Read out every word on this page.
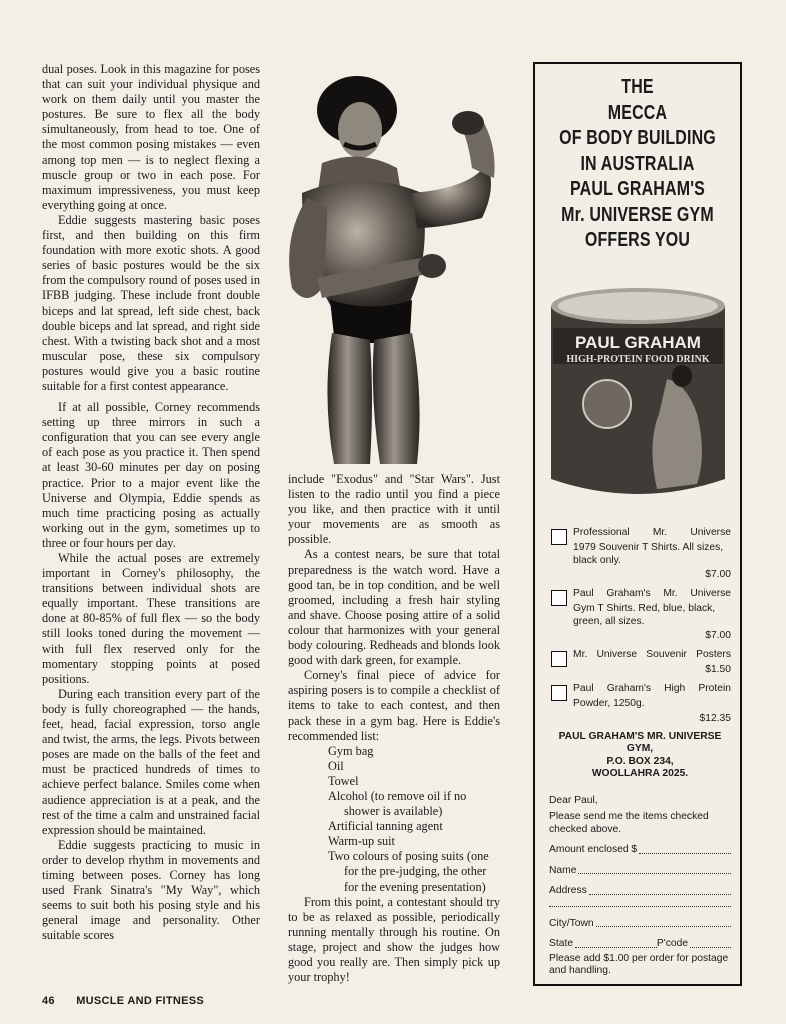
dual poses. Look in this magazine for poses that can suit your individual physique and work on them daily until you master the postures. Be sure to flex all the body simultaneously, from head to toe. One of the most common posing mistakes — even among top men — is to neglect flexing a muscle group or two in each pose. For maximum impressiveness, you must keep everything going at once.

Eddie suggests mastering basic poses first, and then building on this firm foundation with more exotic shots. A good series of basic postures would be the six from the compulsory round of poses used in IFBB judging. These include front double biceps and lat spread, left side chest, back double biceps and lat spread, and right side chest. With a twisting back shot and a most muscular pose, these six compulsory postures would give you a basic routine suitable for a first contest appearance.

If at all possible, Corney recommends setting up three mirrors in such a configuration that you can see every angle of each pose as you practice it. Then spend at least 30-60 minutes per day on posing practice. Prior to a major event like the Universe and Olympia, Eddie spends as much time practicing posing as actually working out in the gym, sometimes up to three or four hours per day.

While the actual poses are extremely important in Corney's philosophy, the transitions between individual shots are equally important. These transitions are done at 80-85% of full flex — so the body still looks toned during the movement — with full flex reserved only for the momentary stopping points at posed positions.

During each transition every part of the body is fully choreographed — the hands, feet, head, facial expression, torso angle and twist, the arms, the legs. Pivots between poses are made on the balls of the feet and must be practiced hundreds of times to achieve perfect balance. Smiles come when audience appreciation is at a peak, and the rest of the time a calm and unstrained facial expression should be maintained.

Eddie suggests practicing to music in order to develop rhythm in movements and timing between poses. Corney has long used Frank Sinatra's "My Way", which seems to suit both his posing style and his general image and personality. Other suitable scores

include "Exodus" and "Star Wars". Just listen to the radio until you find a piece you like, and then practice with it until your movements are as smooth as possible.

As a contest nears, be sure that total preparedness is the watch word. Have a good tan, be in top condition, and be well groomed, including a fresh hair styling and shave. Choose posing attire of a solid colour that harmonizes with your general body colouring. Redheads and blonds look good with dark green, for example.

Corney's final piece of advice for aspiring posers is to compile a checklist of items to take to each contest, and then pack these in a gym bag. Here is Eddie's recommended list:

Gym bag
Oil
Towel
Alcohol (to remove oil if no shower is available)
Artificial tanning agent
Warm-up suit
Two colours of posing suits (one for the pre-judging, the other for the evening presentation)

From this point, a contestant should try to be as relaxed as possible, periodically running mentally through his routine. On stage, project and show the judges how good you really are. Then simply pick up your trophy!

46 MUSCLE AND FITNESS
THE
MECCA
OF BODY BUILDING
IN AUSTRALIA
PAUL GRAHAM'S
Mr. UNIVERSE GYM
OFFERS YOU
PAUL GRAHAM
HIGH-PROTEIN FOOD DRINK
Professional Mr. Universe
1979 Souvenir T Shirts. All sizes, black only.
$7.00
Paul Graham's Mr. Universe
Gym T Shirts. Red, blue, black, green, all sizes.
$7.00
Mr. Universe Souvenir Posters
$1.50
Paul Graham's High Protein
Powder, 1250g.
$12.35
PAUL GRAHAM'S MR. UNIVERSE
GYM,
P.O. BOX 234,
WOOLLAHRA 2025.
Dear Paul,
Please send me the items checked checked above.
Amount enclosed $
Name
Address
City/Town
State	P'code
Please add $1.00 per order for postage and handling.
